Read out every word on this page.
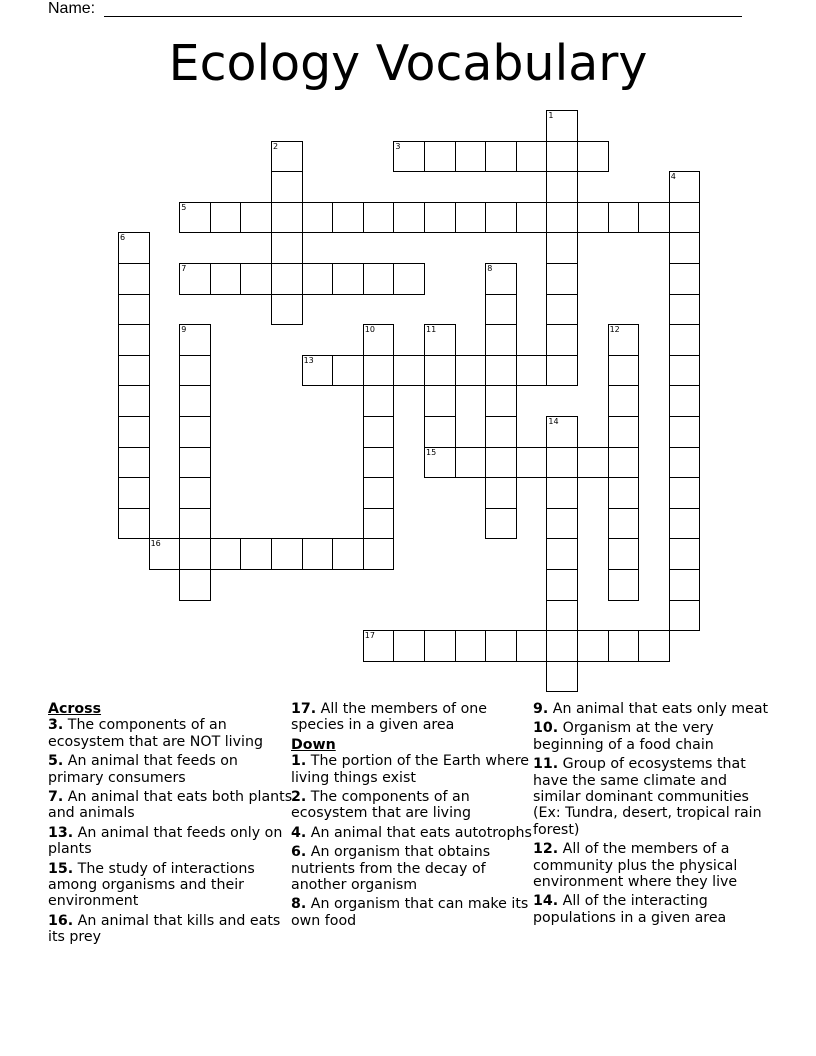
Name:
Ecology Vocabulary
1
2	3
4
5
6
7	8
9	10	11
15
12
13
14
16
17
Across
3. The components of an ecosystem that are NOT living
5. An animal that feeds on primary consumers
7. An animal that eats both plants and animals
13. An animal that feeds only on plants
15. The study of interactions among organisms and their environment
16. An animal that kills and eats its prey
17. All the members of one species in a given area
Down
1. The portion of the Earth where living things exist
2. The components of an ecosystem that are living
4. An animal that eats autotrophs
6. An organism that obtains nutrients from the decay of another organism
8. An organism that can make its own food
9. An animal that eats only meat
10. Organism at the very beginning of a food chain
11. Group of ecosystems that have the same climate and similar dominant communities (Ex: Tundra, desert, tropical rain forest)
12. All of the members of a community plus the physical environment where they live
14. All of the interacting populations in a given area
